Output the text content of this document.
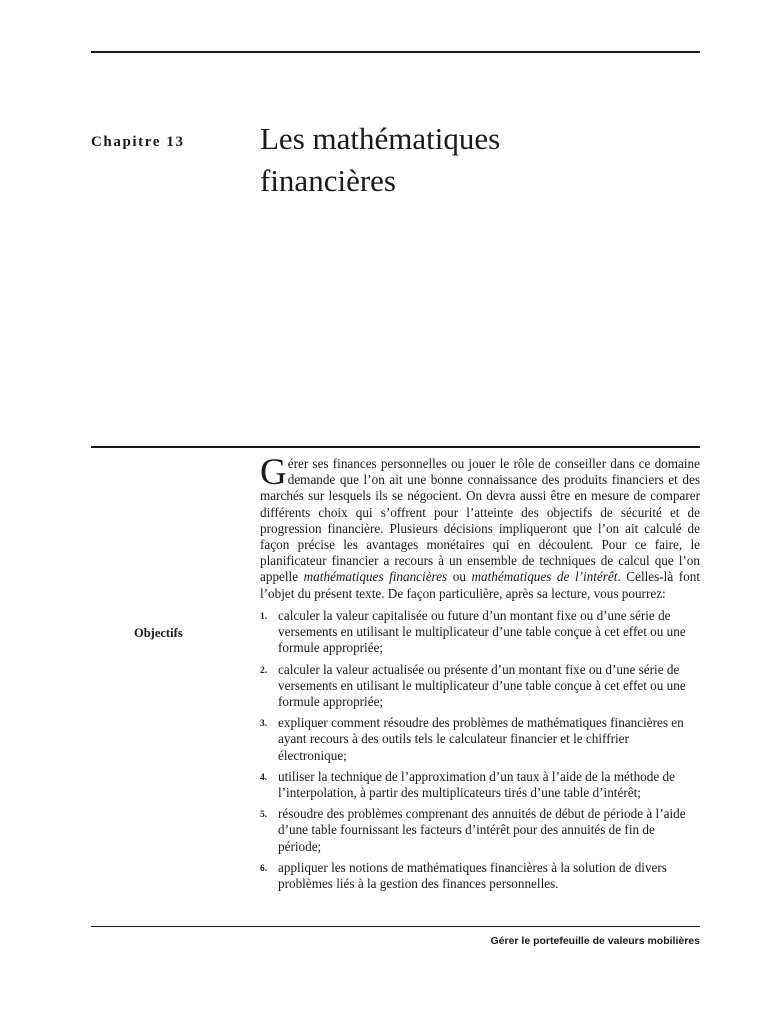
Chapitre 13 Les mathématiques
financières

Gérer ses finances personnelles ou jouer le rôle de conseiller dans ce domaine demande que l’on ait une bonne connaissance des produits financiers et des marchés sur lesquels ils se négocient. On devra aussi être en mesure de comparer différents choix qui s’offrent pour l’atteinte des objectifs de sécurité et de progression financière. Plusieurs décisions impliqueront que l’on ait calculé de façon précise les avantages monétaires qui en découlent. Pour ce faire, le planificateur financier a recours à un ensemble de techniques de calcul que l’on appelle mathématiques financières ou mathématiques de l’intérêt. Celles-là font l’objet du présent texte. De façon particulière, après sa lecture, vous pourrez:

Objectifs
1. calculer la valeur capitalisée ou future d’un montant fixe ou d’une série de versements en utilisant le multiplicateur d’une table conçue à cet effet ou une formule appropriée;
2. calculer la valeur actualisée ou présente d’un montant fixe ou d’une série de versements en utilisant le multiplicateur d’une table conçue à cet effet ou une formule appropriée;
3. expliquer comment résoudre des problèmes de mathématiques financières en ayant recours à des outils tels le calculateur financier et le chiffrier électronique;
4. utiliser la technique de l’approximation d’un taux à l’aide de la méthode de l’interpolation, à partir des multiplicateurs tirés d’une table d’intérêt;
5. résoudre des problèmes comprenant des annuités de début de période à l’aide d’une table fournissant les facteurs d’intérêt pour des annuités de fin de période;
6. appliquer les notions de mathématiques financières à la solution de divers problèmes liés à la gestion des finances personnelles.
Gérer le portefeuille de valeurs mobilières
